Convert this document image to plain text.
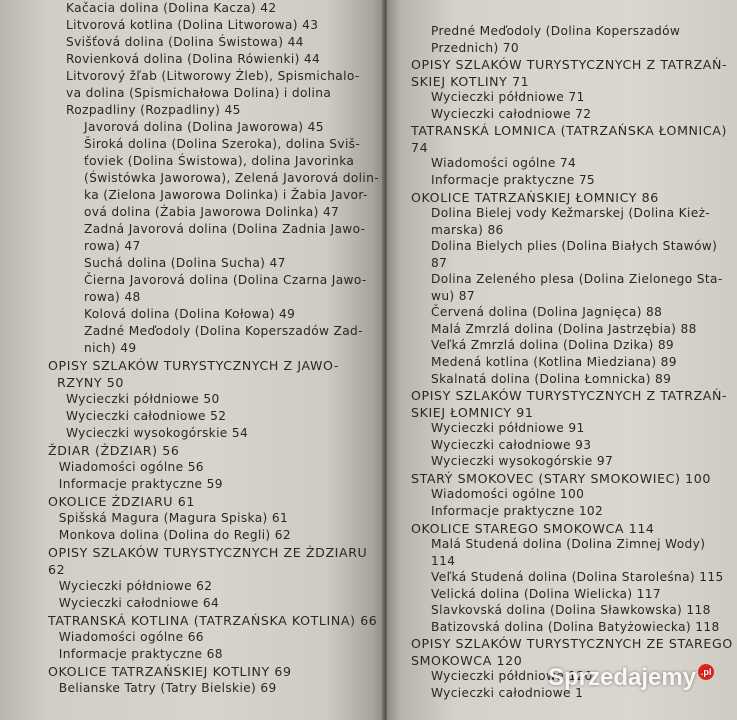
Kačacia dolina (Dolina Kacza) 42
Litvorová kotlina (Dolina Litworowa) 43
Svišťová dolina (Dolina Świstowa) 44
Rovienková dolina (Dolina Rówienki) 44
Litvorový žľab (Litworowy Żleb), Spismichalo-
va dolina (Spismichałowa Dolina) i dolina
Rozpadliny (Rozpadliny) 45
Javorová dolina (Dolina Jaworowa) 45
Široká dolina (Dolina Szeroka), dolina Sviš-
ťoviek (Dolina Świstowa), dolina Javorinka
(Świstówka Jaworowa), Zelená Javorová dolin-
ka (Zielona Jaworowa Dolinka) i Žabia Javor-
ová dolina (Żabia Jaworowa Dolinka) 47
Zadná Javorová dolina (Dolina Zadnia Jawo-
rowa) 47
Suchá dolina (Dolina Sucha) 47
Čierna Javorová dolina (Dolina Czarna Jawo-
rowa) 48
Kolová dolina (Dolina Kołowa) 49
Zadné Meďodoly (Dolina Koperszadów Zad-
nich) 49
OPISY SZLAKÓW TURYSTYCZNYCH Z JAWO-
RZYNY 50
Wycieczki półdniowe 50
Wycieczki całodniowe 52
Wycieczki wysokogórskie 54
ŽDIAR (ŻDZIAR) 56
Wiadomości ogólne 56
Informacje praktyczne 59
OKOLICE ŻDZIARU 61
Spišská Magura (Magura Spiska) 61
Monkova dolina (Dolina do Regli) 62
OPISY SZLAKÓW TURYSTYCZNYCH ZE ŻDZIARU
62
Wycieczki półdniowe 62
Wycieczki całodniowe 64
TATRANSKÁ KOTLINA (TATRZAŃSKA KOTLINA) 66
Wiadomości ogólne 66
Informacje praktyczne 68
OKOLICE TATRZAŃSKIEJ KOTLINY 69
Belianske Tatry (Tatry Bielskie) 69
Predné Meďodoly (Dolina Koperszadów
Przednich) 70
OPISY SZLAKÓW TURYSTYCZNYCH Z TATRZAŃ-
SKIEJ KOTLINY 71
Wycieczki półdniowe 71
Wycieczki całodniowe 72
TATRANSKÁ LOMNICA (TATRZAŃSKA ŁOMNICA)
74
Wiadomości ogólne 74
Informacje praktyczne 75
OKOLICE TATRZAŃSKIEJ ŁOMNICY 86
Dolina Bielej vody Kežmarskej (Dolina Kież-
marska) 86
Dolina Bielych plies (Dolina Białych Stawów)
87
Dolina Zeleného plesa (Dolina Zielonego Sta-
wu) 87
Červená dolina (Dolina Jagnięca) 88
Malá Zmrzlá dolina (Dolina Jastrzębia) 88
Veľká Zmrzlá dolina (Dolina Dzika) 89
Medená kotlina (Kotlina Miedziana) 89
Skalnatá dolina (Dolina Łomnicka) 89
OPISY SZLAKÓW TURYSTYCZNYCH Z TATRZAŃ-
SKIEJ ŁOMNICY 91
Wycieczki półdniowe 91
Wycieczki całodniowe 93
Wycieczki wysokogórskie 97
STARÝ SMOKOVEC (STARY SMOKOWIEC) 100
Wiadomości ogólne 100
Informacje praktyczne 102
OKOLICE STAREGO SMOKOWCA 114
Malá Studená dolina (Dolina Zimnej Wody)
114
Veľká Studená dolina (Dolina Staroleśna) 115
Velická dolina (Dolina Wielicka) 117
Slavkovská dolina (Dolina Sławkowska) 118
Batizovská dolina (Dolina Batyżowiecka) 118
OPISY SZLAKÓW TURYSTYCZNYCH ZE STAREGO
SMOKOWCA 120
Wycieczki półdniowe 120
Wycieczki całodniowe 1
Sprzedajemy .pl
